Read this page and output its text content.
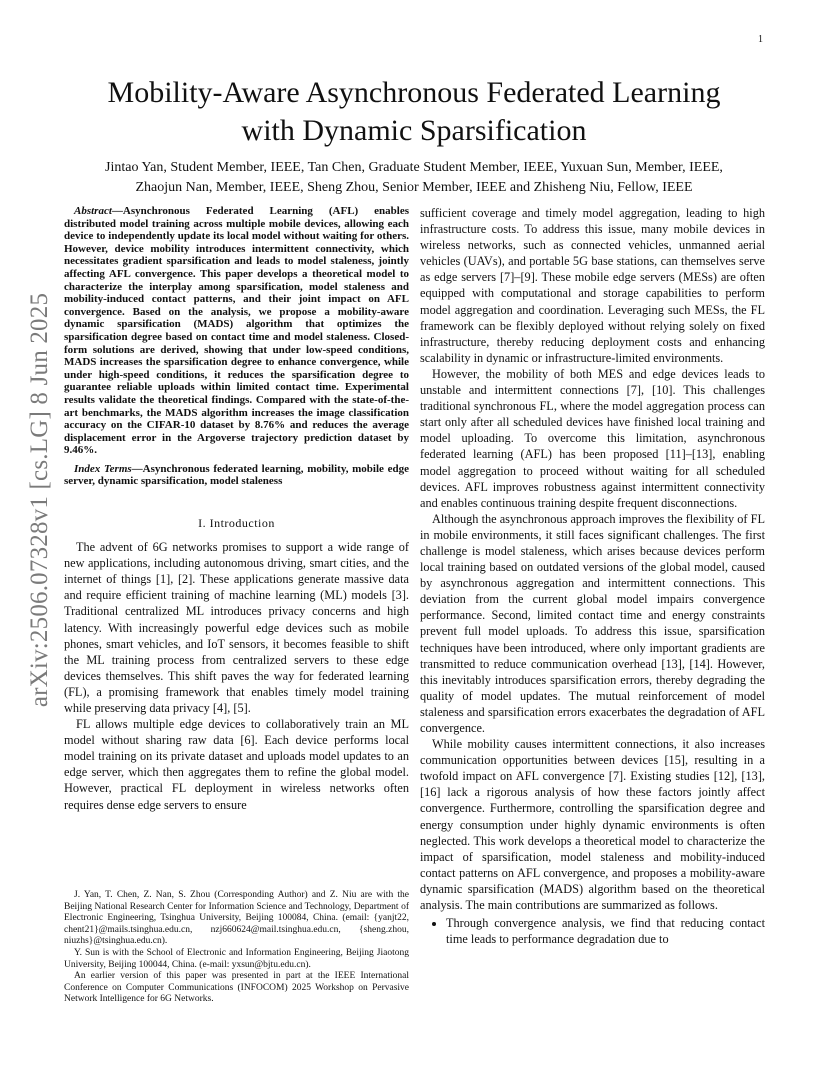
1
arXiv:2506.07328v1 [cs.LG] 8 Jun 2025
Mobility-Aware Asynchronous Federated Learning
with Dynamic Sparsification
Jintao Yan, Student Member, IEEE, Tan Chen, Graduate Student Member, IEEE, Yuxuan Sun, Member, IEEE,
Zhaojun Nan, Member, IEEE, Sheng Zhou, Senior Member, IEEE and Zhisheng Niu, Fellow, IEEE

Abstract—Asynchronous Federated Learning (AFL) enables distributed model training across multiple mobile devices, allowing each device to independently update its local model without waiting for others. However, device mobility introduces intermittent connectivity, which necessitates gradient sparsification and leads to model staleness, jointly affecting AFL convergence. This paper develops a theoretical model to characterize the interplay among sparsification, model staleness and mobility-induced contact patterns, and their joint impact on AFL convergence. Based on the analysis, we propose a mobility-aware dynamic sparsification (MADS) algorithm that optimizes the sparsification degree based on contact time and model staleness. Closed-form solutions are derived, showing that under low-speed conditions, MADS increases the sparsification degree to enhance convergence, while under high-speed conditions, it reduces the sparsification degree to guarantee reliable uploads within limited contact time. Experimental results validate the theoretical findings. Compared with the state-of-the-art benchmarks, the MADS algorithm increases the image classification accuracy on the CIFAR-10 dataset by 8.76% and reduces the average displacement error in the Argoverse trajectory prediction dataset by 9.46%.

Index Terms—Asynchronous federated learning, mobility, mobile edge server, dynamic sparsification, model staleness

I. Introduction

The advent of 6G networks promises to support a wide range of new applications, including autonomous driving, smart cities, and the internet of things [1], [2]. These applications generate massive data and require efficient training of machine learning (ML) models [3]. Traditional centralized ML introduces privacy concerns and high latency. With increasingly powerful edge devices such as mobile phones, smart vehicles, and IoT sensors, it becomes feasible to shift the ML training process from centralized servers to these edge devices themselves. This shift paves the way for federated learning (FL), a promising framework that enables timely model training while preserving data privacy [4], [5].

FL allows multiple edge devices to collaboratively train an ML model without sharing raw data [6]. Each device performs local model training on its private dataset and uploads model updates to an edge server, which then aggregates them to refine the global model. However, practical FL deployment in wireless networks often requires dense edge servers to ensure

J. Yan, T. Chen, Z. Nan, S. Zhou (Corresponding Author) and Z. Niu are with the Beijing National Research Center for Information Science and Technology, Department of Electronic Engineering, Tsinghua University, Beijing 100084, China. (email: {yanjt22, chent21}@mails.tsinghua.edu.cn, nzj660624@mail.tsinghua.edu.cn, {sheng.zhou, niuzhs}@tsinghua.edu.cn).

Y. Sun is with the School of Electronic and Information Engineering, Beijing Jiaotong University, Beijing 100044, China. (e-mail: yxsun@bjtu.edu.cn).

An earlier version of this paper was presented in part at the IEEE International Conference on Computer Communications (INFOCOM) 2025 Workshop on Pervasive Network Intelligence for 6G Networks.

sufficient coverage and timely model aggregation, leading to high infrastructure costs. To address this issue, many mobile devices in wireless networks, such as connected vehicles, unmanned aerial vehicles (UAVs), and portable 5G base stations, can themselves serve as edge servers [7]–[9]. These mobile edge servers (MESs) are often equipped with computational and storage capabilities to perform model aggregation and coordination. Leveraging such MESs, the FL framework can be flexibly deployed without relying solely on fixed infrastructure, thereby reducing deployment costs and enhancing scalability in dynamic or infrastructure-limited environments.

However, the mobility of both MES and edge devices leads to unstable and intermittent connections [7], [10]. This challenges traditional synchronous FL, where the model aggregation process can start only after all scheduled devices have finished local training and model uploading. To overcome this limitation, asynchronous federated learning (AFL) has been proposed [11]–[13], enabling model aggregation to proceed without waiting for all scheduled devices. AFL improves robustness against intermittent connectivity and enables continuous training despite frequent disconnections.

Although the asynchronous approach improves the flexibility of FL in mobile environments, it still faces significant challenges. The first challenge is model staleness, which arises because devices perform local training based on outdated versions of the global model, caused by asynchronous aggregation and intermittent connections. This deviation from the current global model impairs convergence performance. Second, limited contact time and energy constraints prevent full model uploads. To address this issue, sparsification techniques have been introduced, where only important gradients are transmitted to reduce communication overhead [13], [14]. However, this inevitably introduces sparsification errors, thereby degrading the quality of model updates. The mutual reinforcement of model staleness and sparsification errors exacerbates the degradation of AFL convergence.

While mobility causes intermittent connections, it also increases communication opportunities between devices [15], resulting in a twofold impact on AFL convergence [7]. Existing studies [12], [13], [16] lack a rigorous analysis of how these factors jointly affect convergence. Furthermore, controlling the sparsification degree and energy consumption under highly dynamic environments is often neglected. This work develops a theoretical model to characterize the impact of sparsification, model staleness and mobility-induced contact patterns on AFL convergence, and proposes a mobility-aware dynamic sparsification (MADS) algorithm based on the theoretical analysis. The main contributions are summarized as follows.

• Through convergence analysis, we find that reducing contact time leads to performance degradation due to
